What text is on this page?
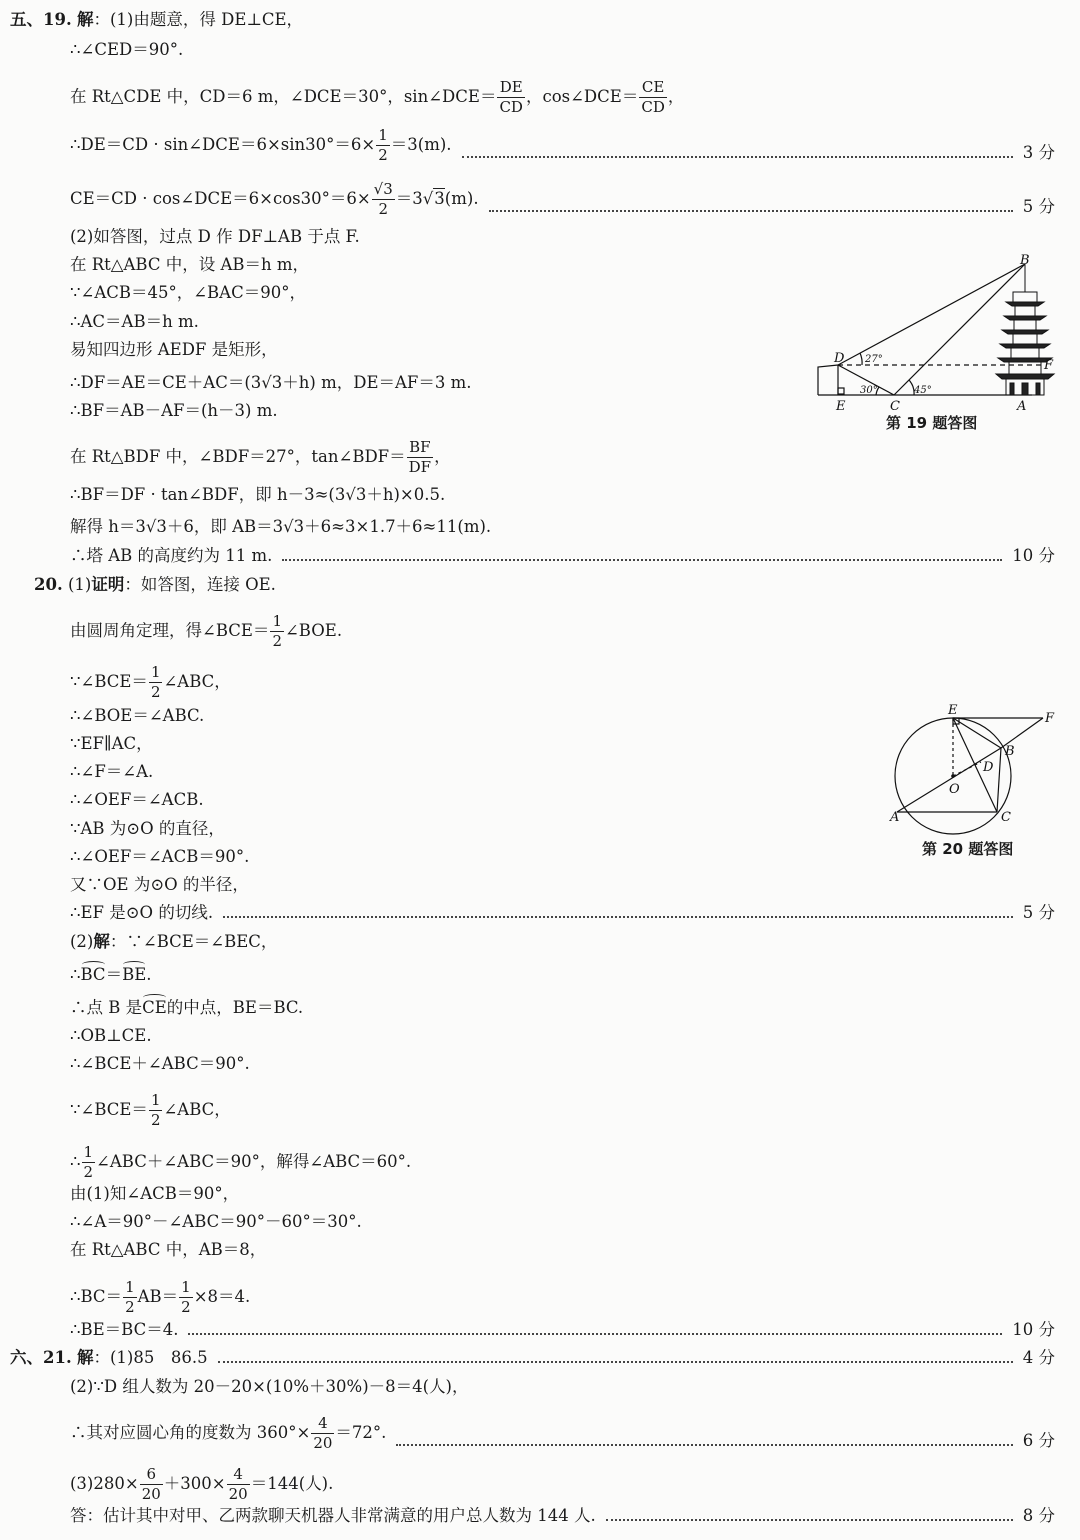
五、19. 解：(1)由题意，得 DE⊥CE，
∴∠CED＝90°.
在 Rt△CDE 中，CD＝6 m，∠DCE＝30°，sin∠DCE＝ $\frac{DE}{CD}$ ，cos∠DCE＝ $\frac{CE}{CD}$ ，
∴DE＝CD · sin∠DCE＝6×sin30°＝6× $\frac{1}{2} =3(m)$.	3 分
CE＝CD · cos∠DCE＝6×cos30°＝6× $\frac{√3}{2} =3√3(m)$.	5 分
(2)如答图，过点 D 作 DF⊥AB 于点 F.
在 Rt△ABC 中，设 AB＝h m，
∵∠ACB＝45°，∠BAC＝90°，
∴AC＝AB＝h m.
易知四边形 AEDF 是矩形，
∴DF＝AE＝CE＋AC＝(3√3＋h) m，DE＝AF＝3 m.
∴BF＝AB－AF＝(h－3) m.
在 Rt△BDF 中，∠BDF＝27°，tan∠BDF＝ $\frac{BF}{DF}$ ，
∴BF＝DF · tan∠BDF，即 h－3≈(3√3＋h)×0.5.
解得 h＝3√3＋6，即 AB＝3√3＋6≈3×1.7＋6≈11(m).
∴塔 AB 的高度约为 11 m.	10 分
B
D	F
E	C	A
27°
30°	45°
第 19 题答图
20. (1)证明：如答图，连接 OE.
由圆周角定理，得∠BCE＝ $\frac{1}{2}$ ∠BOE.
∵∠BCE＝ $\frac{1}{2}$ ∠ABC，
∴∠BOE＝∠ABC.
∵EF∥AC，
∴∠F＝∠A.
∴∠OEF＝∠ACB.
∵AB 为⊙O 的直径，
∴∠OEF＝∠ACB＝90°.
又∵OE 为⊙O 的半径，
∴EF 是⊙O 的切线.	5 分
(2)解：∵∠BCE＝∠BEC，
∴BC＝BE.
∴点 B 是CE的中点，BE＝BC.
∴OB⊥CE.
∴∠BCE＋∠ABC＝90°.
∵∠BCE＝ $\frac{1}{2}$ ∠ABC，
∴ $\frac{1}{2}$ ∠ABC＋∠ABC＝90°，解得∠ABC＝60°.
由(1)知∠ACB＝90°，
∴∠A＝90°－∠ABC＝90°－60°＝30°.
在 Rt△ABC 中，AB＝8，
∴BC＝ $\frac{1}{2} AB= \frac{1}{2} \times 8=4$.
∴BE＝BC＝4.	10 分
E
F
B
D
O
A	C
第 20 题答图
六、21. 解：(1)85　86.5	4 分
(2)∵D 组人数为 20－20×(10%＋30%)－8＝4(人)，
∴其对应圆心角的度数为 $360^\circ\times \frac{4}{20} =72^\circ$.	6 分
$(3)280\times \frac{6}{20} +300\times \frac{4}{20} =144$(人).
答：估计其中对甲、乙两款聊天机器人非常满意的用户总人数为 144 人.	8 分
